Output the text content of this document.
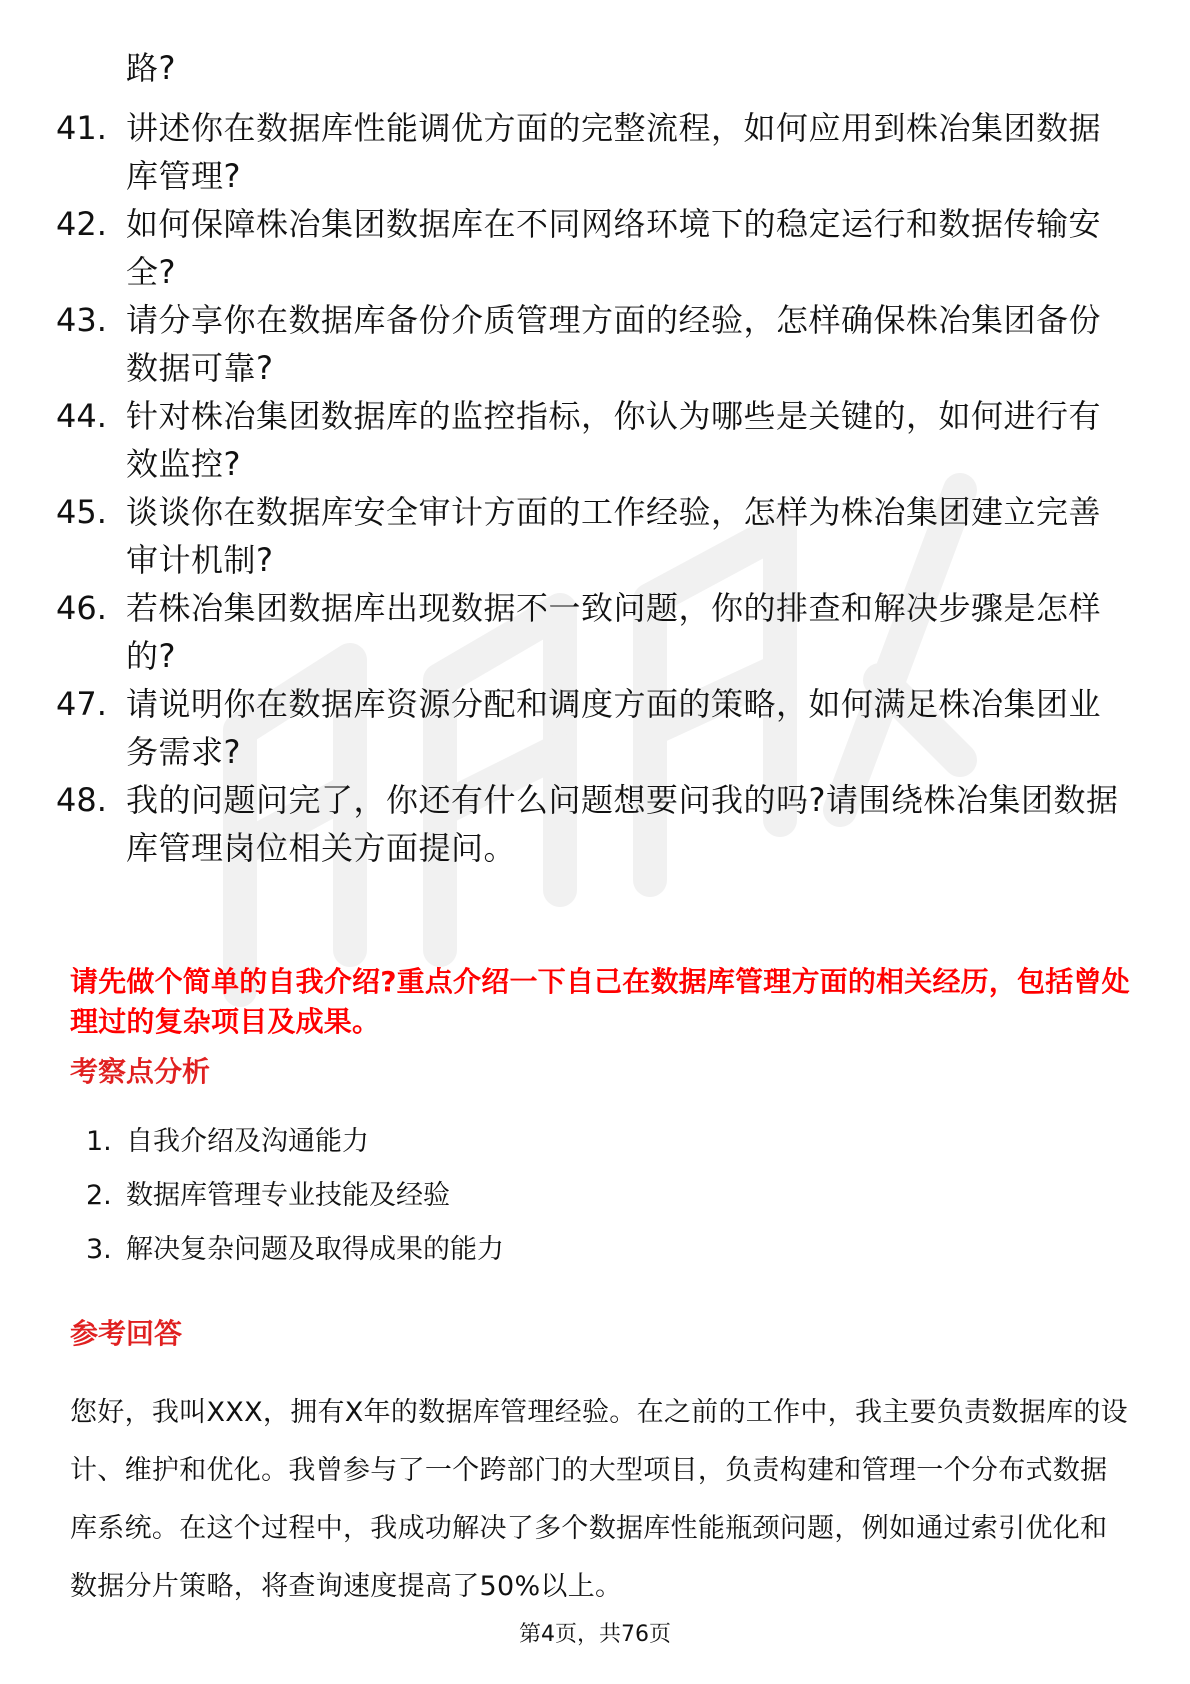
路?
41. 讲述你在数据库性能调优方面的完整流程，如何应用到株冶集团数据库管理?
42. 如何保障株冶集团数据库在不同网络环境下的稳定运行和数据传输安全?
43. 请分享你在数据库备份介质管理方面的经验，怎样确保株冶集团备份数据可靠?
44. 针对株冶集团数据库的监控指标，你认为哪些是关键的，如何进行有效监控?
45. 谈谈你在数据库安全审计方面的工作经验，怎样为株冶集团建立完善审计机制?
46. 若株冶集团数据库出现数据不一致问题，你的排查和解决步骤是怎样的?
47. 请说明你在数据库资源分配和调度方面的策略，如何满足株冶集团业务需求?
48. 我的问题问完了，你还有什么问题想要问我的吗?请围绕株冶集团数据库管理岗位相关方面提问。
请先做个简单的自我介绍?重点介绍一下自己在数据库管理方面的相关经历，包括曾处理过的复杂项目及成果。
考察点分析
1. 自我介绍及沟通能力
2. 数据库管理专业技能及经验
3. 解决复杂问题及取得成果的能力
参考回答
您好，我叫XXX，拥有X年的数据库管理经验。在之前的工作中，我主要负责数据库的设计、维护和优化。我曾参与了一个跨部门的大型项目，负责构建和管理一个分布式数据库系统。在这个过程中，我成功解决了多个数据库性能瓶颈问题，例如通过索引优化和数据分片策略，将查询速度提高了50%以上。
第4页，共76页
